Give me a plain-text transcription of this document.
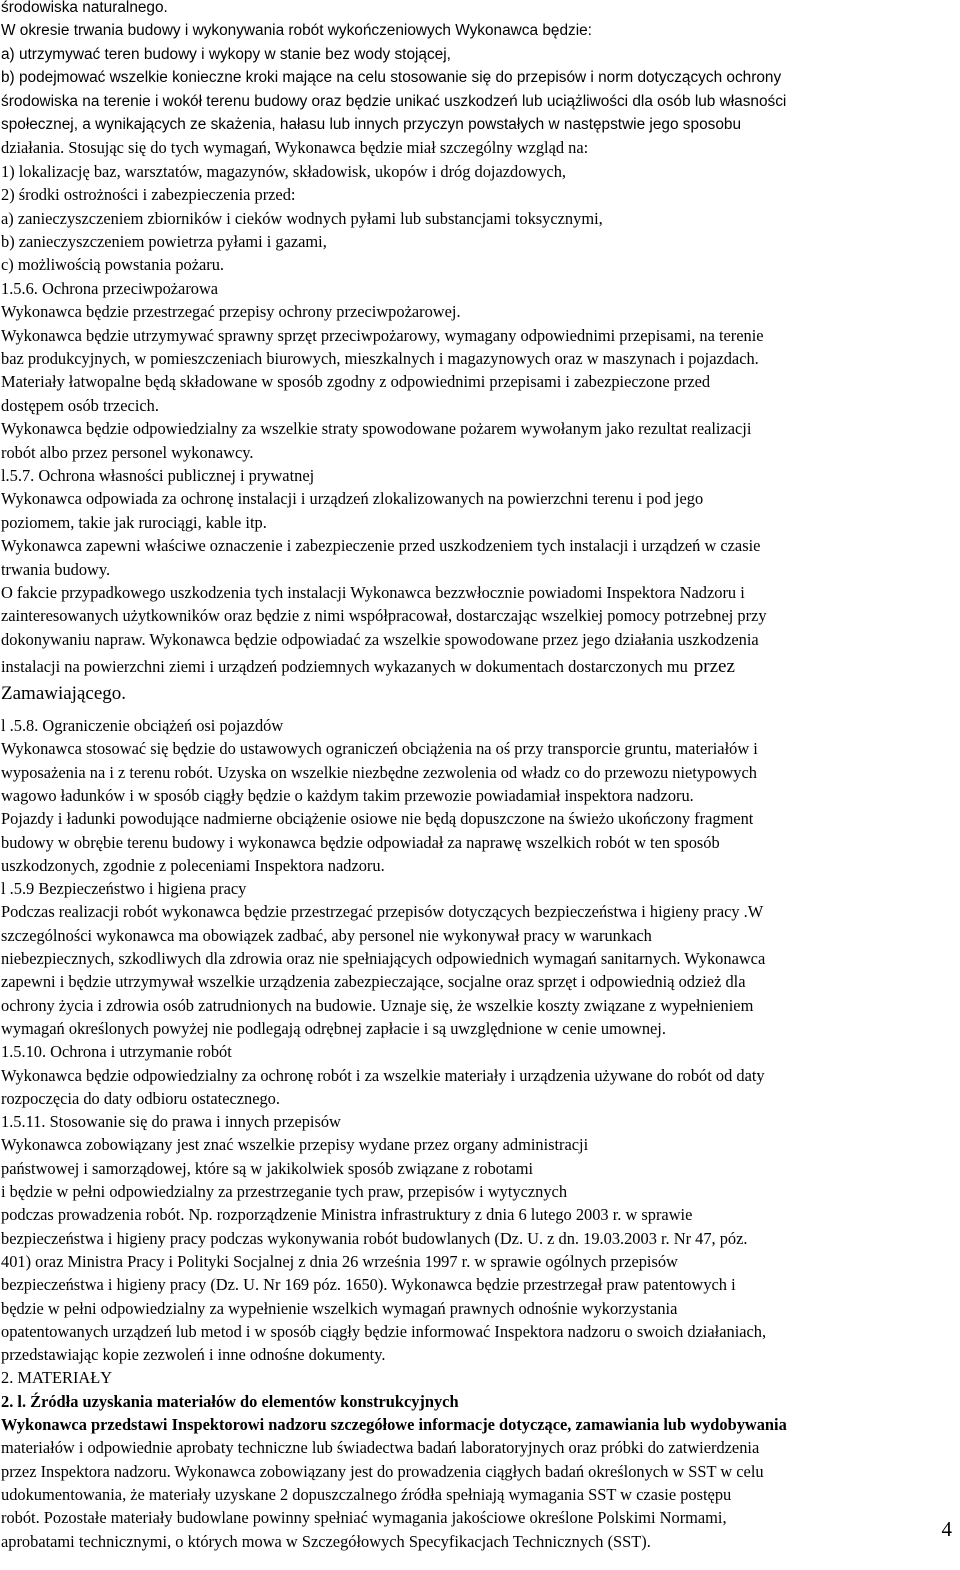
środowiska naturalnego.
W okresie trwania budowy i wykonywania robót wykończeniowych Wykonawca będzie:
a) utrzymywać teren budowy i wykopy w stanie bez wody stojącej,
b) podejmować wszelkie konieczne kroki mające na celu stosowanie się do przepisów i norm dotyczących ochrony
środowiska na terenie i wokół terenu budowy oraz będzie unikać uszkodzeń lub uciążliwości dla osób lub własności
społecznej, a wynikających ze skażenia, hałasu lub innych przyczyn powstałych w następstwie jego sposobu
działania. Stosując się do tych wymagań, Wykonawca będzie miał szczególny wzgląd na:
1) lokalizację baz, warsztatów, magazynów, składowisk, ukopów i dróg dojazdowych,
2) środki ostrożności i zabezpieczenia przed:
a) zanieczyszczeniem zbiorników i cieków wodnych pyłami lub substancjami toksycznymi,
b) zanieczyszczeniem powietrza pyłami i gazami,
c) możliwością powstania pożaru.
1.5.6. Ochrona przeciwpożarowa
Wykonawca będzie przestrzegać przepisy ochrony przeciwpożarowej.
Wykonawca będzie utrzymywać sprawny sprzęt przeciwpożarowy, wymagany odpowiednimi przepisami, na terenie
baz produkcyjnych, w pomieszczeniach biurowych, mieszkalnych i magazynowych oraz w maszynach i pojazdach.
Materiały łatwopalne będą składowane w sposób zgodny z odpowiednimi przepisami i zabezpieczone przed
dostępem osób trzecich.
Wykonawca będzie odpowiedzialny za wszelkie straty spowodowane pożarem wywołanym jako rezultat realizacji
robót albo przez personel wykonawcy.
l.5.7. Ochrona własności publicznej i prywatnej
Wykonawca odpowiada za ochronę instalacji i urządzeń zlokalizowanych na powierzchni terenu i pod jego
poziomem, takie jak rurociągi, kable itp.
Wykonawca zapewni właściwe oznaczenie i zabezpieczenie przed uszkodzeniem tych instalacji i urządzeń w czasie
trwania budowy.
O fakcie przypadkowego uszkodzenia tych instalacji Wykonawca bezzwłocznie powiadomi Inspektora Nadzoru i
zainteresowanych użytkowników oraz będzie z nimi współpracował, dostarczając wszelkiej pomocy potrzebnej przy
dokonywaniu napraw. Wykonawca będzie odpowiadać za wszelkie spowodowane przez jego działania uszkodzenia
instalacji na powierzchni ziemi i urządzeń podziemnych wykazanych w dokumentach dostarczonych mu przez
Zamawiającego.
l .5.8. Ograniczenie obciążeń osi pojazdów
Wykonawca stosować się będzie do ustawowych ograniczeń obciążenia na oś przy transporcie gruntu, materiałów i
wyposażenia na i z terenu robót. Uzyska on wszelkie niezbędne zezwolenia od władz co do przewozu nietypowych
wagowo ładunków i w sposób ciągły będzie o każdym takim przewozie powiadamiał inspektora nadzoru.
Pojazdy i ładunki powodujące nadmierne obciążenie osiowe nie będą dopuszczone na świeżo ukończony fragment
budowy w obrębie terenu budowy i wykonawca będzie odpowiadał za naprawę wszelkich robót w ten sposób
uszkodzonych, zgodnie z poleceniami Inspektora nadzoru.
l .5.9 Bezpieczeństwo i higiena pracy
Podczas realizacji robót wykonawca będzie przestrzegać przepisów dotyczących bezpieczeństwa i higieny pracy .W
szczególności wykonawca ma obowiązek zadbać, aby personel nie wykonywał pracy w warunkach
niebezpiecznych, szkodliwych dla zdrowia oraz nie spełniających odpowiednich wymagań sanitarnych. Wykonawca
zapewni i będzie utrzymywał wszelkie urządzenia zabezpieczające, socjalne oraz sprzęt i odpowiednią odzież dla
ochrony życia i zdrowia osób zatrudnionych na budowie. Uznaje się, że wszelkie koszty związane z wypełnieniem
wymagań określonych powyżej nie podlegają odrębnej zapłacie i są uwzględnione w cenie umownej.
1.5.10. Ochrona i utrzymanie robót
Wykonawca będzie odpowiedzialny za ochronę robót i za wszelkie materiały i urządzenia używane do robót od daty
rozpoczęcia do daty odbioru ostatecznego.
1.5.11. Stosowanie się do prawa i innych przepisów
Wykonawca zobowiązany jest znać wszelkie przepisy wydane przez organy administracji
państwowej i samorządowej, które są w jakikolwiek sposób związane z robotami
i będzie w pełni odpowiedzialny za przestrzeganie tych praw, przepisów i wytycznych
podczas prowadzenia robót. Np. rozporządzenie Ministra infrastruktury z dnia 6 lutego 2003 r. w sprawie
bezpieczeństwa i higieny pracy podczas wykonywania robót budowlanych (Dz. U. z dn. 19.03.2003 r. Nr 47, póz.
401) oraz Ministra Pracy i Polityki Socjalnej z dnia 26 września 1997 r. w sprawie ogólnych przepisów
bezpieczeństwa i higieny pracy (Dz. U. Nr 169 póz. 1650). Wykonawca będzie przestrzegał praw patentowych i
będzie w pełni odpowiedzialny za wypełnienie wszelkich wymagań prawnych odnośnie wykorzystania
opatentowanych urządzeń lub metod i w sposób ciągły będzie informować Inspektora nadzoru o swoich działaniach,
przedstawiając kopie zezwoleń i inne odnośne dokumenty.
2. MATERIAŁY
2. l. Źródła uzyskania materiałów do elementów konstrukcyjnych
Wykonawca przedstawi Inspektorowi nadzoru szczegółowe informacje dotyczące, zamawiania lub wydobywania
materiałów i odpowiednie aprobaty techniczne lub świadectwa badań laboratoryjnych oraz próbki do zatwierdzenia
przez Inspektora nadzoru. Wykonawca zobowiązany jest do prowadzenia ciągłych badań określonych w SST w celu
udokumentowania, że materiały uzyskane 2 dopuszczalnego źródła spełniają wymagania SST w czasie postępu
robót. Pozostałe materiały budowlane powinny spełniać wymagania jakościowe określone Polskimi Normami,
aprobatami technicznymi, o których mowa w Szczegółowych Specyfikacjach Technicznych (SST).	4
